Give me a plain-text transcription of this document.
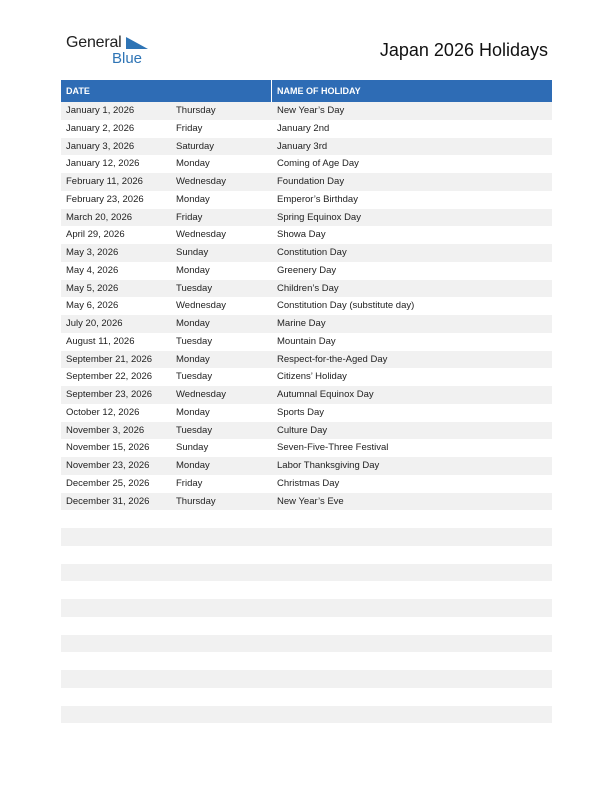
General
Blue	Japan 2026 Holidays
DATE	NAME OF HOLIDAY
January 1, 2026	Thursday	New Year’s Day
January 2, 2026	Friday	January 2nd
January 3, 2026	Saturday	January 3rd
January 12, 2026	Monday	Coming of Age Day
February 11, 2026	Wednesday	Foundation Day
February 23, 2026	Monday	Emperor’s Birthday
March 20, 2026	Friday	Spring Equinox Day
April 29, 2026	Wednesday	Showa Day
May 3, 2026	Sunday	Constitution Day
May 4, 2026	Monday	Greenery Day
May 5, 2026	Tuesday	Children’s Day
May 6, 2026	Wednesday	Constitution Day (substitute day)
July 20, 2026	Monday	Marine Day
August 11, 2026	Tuesday	Mountain Day
September 21, 2026	Monday	Respect-for-the-Aged Day
September 22, 2026	Tuesday	Citizens’ Holiday
September 23, 2026	Wednesday	Autumnal Equinox Day
October 12, 2026	Monday	Sports Day
November 3, 2026	Tuesday	Culture Day
November 15, 2026	Sunday	Seven-Five-Three Festival
November 23, 2026	Monday	Labor Thanksgiving Day
December 25, 2026	Friday	Christmas Day
December 31, 2026	Thursday	New Year’s Eve
